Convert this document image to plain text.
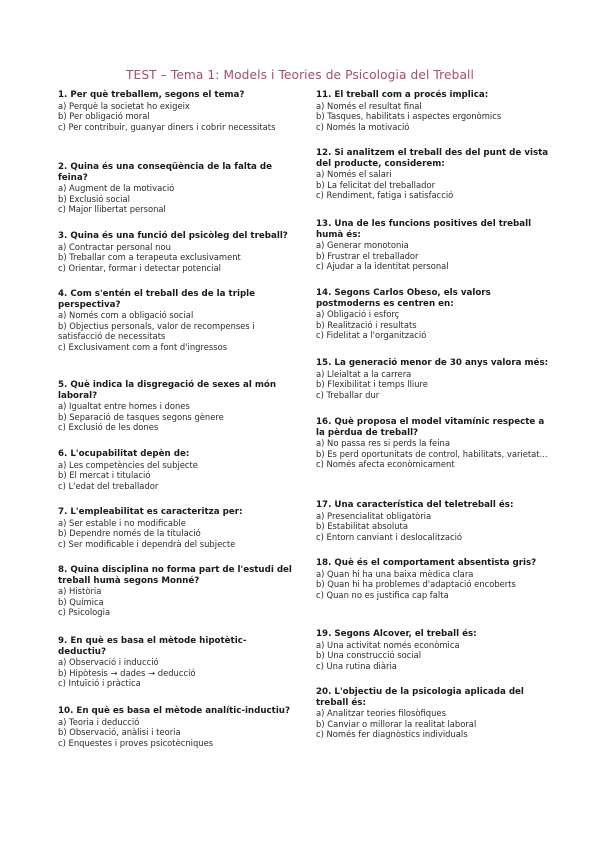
TEST – Tema 1: Models i Teories de Psicologia del Treball
1. Per què treballem, segons el tema?
a) Perquè la societat ho exigeix
b) Per obligació moral
c) Per contribuir, guanyar diners i cobrir necessitats
2. Quina és una conseqüència de la falta de feina?
a) Augment de la motivació
b) Exclusió social
c) Major llibertat personal
3. Quina és una funció del psicòleg del treball?
a) Contractar personal nou
b) Treballar com a terapeuta exclusivament
c) Orientar, formar i detectar potencial
4. Com s'entén el treball des de la triple perspectiva?
a) Només com a obligació social
b) Objectius personals, valor de recompenses i satisfacció de necessitats
c) Exclusivament com a font d'ingressos
5. Què indica la disgregació de sexes al món laboral?
a) Igualtat entre homes i dones
b) Separació de tasques segons gènere
c) Exclusió de les dones
6. L'ocupabilitat depèn de:
a) Les competències del subjecte
b) El mercat i titulació
c) L'edat del treballador
7. L'empleabilitat es caracteritza per:
a) Ser estable i no modificable
b) Dependre només de la titulació
c) Ser modificable i dependrà del subjecte
8. Quina disciplina no forma part de l'estudi del treball humà segons Monné?
a) Història
b) Química
c) Psicologia
9. En què es basa el mètode hipotètic-deductiu?
a) Observació i inducció
b) Hipòtesis → dades → deducció
c) Intuïció i pràctica
10. En què es basa el mètode analític-inductiu?
a) Teoria i deducció
b) Observació, anàlisi i teoria
c) Enquestes i proves psicotècniques
11. El treball com a procés implica:
a) Només el resultat final
b) Tasques, habilitats i aspectes ergonòmics
c) Només la motivació
12. Si analitzem el treball des del punt de vista del producte, considerem:
a) Només el salari
b) La felicitat del treballador
c) Rendiment, fatiga i satisfacció
13. Una de les funcions positives del treball humà és:
a) Generar monotonia
b) Frustrar el treballador
c) Ajudar a la identitat personal
14. Segons Carlos Obeso, els valors postmoderns es centren en:
a) Obligació i esforç
b) Realització i resultats
c) Fidelitat a l'organització
15. La generació menor de 30 anys valora més:
a) Lleialtat a la carrera
b) Flexibilitat i temps lliure
c) Treballar dur
16. Què proposa el model vitamínic respecte a la pèrdua de treball?
a) No passa res si perds la feina
b) Es perd oportunitats de control, habilitats, varietat...
c) Només afecta econòmicament
17. Una característica del teletreball és:
a) Presencialitat obligatòria
b) Estabilitat absoluta
c) Entorn canviant i deslocalització
18. Què és el comportament absentista gris?
a) Quan hi ha una baixa mèdica clara
b) Quan hi ha problemes d'adaptació encoberts
c) Quan no es justifica cap falta
19. Segons Alcover, el treball és:
a) Una activitat només econòmica
b) Una construcció social
c) Una rutina diària
20. L'objectiu de la psicologia aplicada del treball és:
a) Analitzar teories filosòfiques
b) Canviar o millorar la realitat laboral
c) Només fer diagnòstics individuals
